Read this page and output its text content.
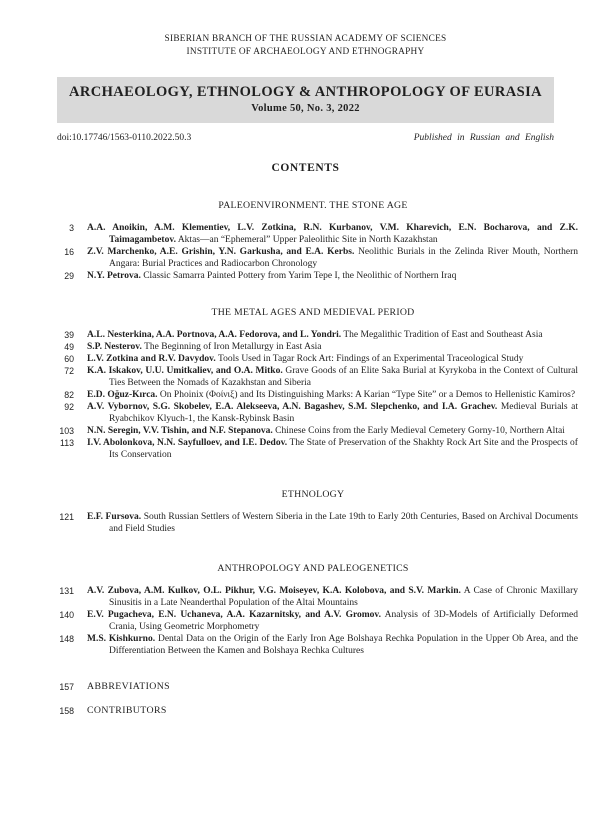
SIBERIAN BRANCH OF THE RUSSIAN ACADEMY OF SCIENCES
INSTITUTE OF ARCHAEOLOGY AND ETHNOGRAPHY
ARCHAEOLOGY, ETHNOLOGY & ANTHROPOLOGY OF EURASIA
Volume 50, No. 3, 2022
doi:10.17746/1563-0110.2022.50.3	Published in Russian and English
CONTENTS
PALEOENVIRONMENT. THE STONE AGE
3 A.A. Anoikin, A.M. Klementiev, L.V. Zotkina, R.N. Kurbanov, V.M. Kharevich, E.N. Bocharova, and Z.K. Taimagambetov. Aktas—an “Ephemeral” Upper Paleolithic Site in North Kazakhstan

16 Z.V. Marchenko, A.E. Grishin, Y.N. Garkusha, and E.A. Kerbs. Neolithic Burials in the Zelinda River Mouth, Northern Angara: Burial Practices and Radiocarbon Chronology

29 N.Y. Petrova. Classic Samarra Painted Pottery from Yarim Tepe I, the Neolithic of Northern Iraq

THE METAL AGES AND MEDIEVAL PERIOD
39 A.L. Nesterkina, A.A. Portnova, A.A. Fedorova, and L. Yondri. The Megalithic Tradition of East and Southeast Asia

49 S.P. Nesterov. The Beginning of Iron Metallurgy in East Asia

60 L.V. Zotkina and R.V. Davydov. Tools Used in Tagar Rock Art: Findings of an Experimental Traceological Study

72 K.A. Iskakov, U.U. Umitkaliev, and O.A. Mitko. Grave Goods of an Elite Saka Burial at Kyrykoba in the Context of Cultural Ties Between the Nomads of Kazakhstan and Siberia

82 E.D. Oğuz-Kırca. On Phoinix (Φοίνιξ) and Its Distinguishing Marks: A Karian “Type Site” or a Demos to Hellenistic Kamiros?

92 A.V. Vybornov, S.G. Skobelev, E.A. Alekseeva, A.N. Bagashev, S.M. Slepchenko, and I.A. Grachev. Medieval Burials at Ryabchikov Klyuch-1, the Kansk-Rybinsk Basin

103 N.N. Seregin, V.V. Tishin, and N.F. Stepanova. Chinese Coins from the Early Medieval Cemetery Gorny-10, Northern Altai

113 I.V. Abolonkova, N.N. Sayfulloev, and I.E. Dedov. The State of Preservation of the Shakhty Rock Art Site and the Prospects of Its Conservation

ETHNOLOGY
121 E.F. Fursova. South Russian Settlers of Western Siberia in the Late 19th to Early 20th Centuries, Based on Archival Documents and Field Studies

ANTHROPOLOGY AND PALEOGENETICS
131 A.V. Zubova, A.M. Kulkov, O.L. Pikhur, V.G. Moiseyev, K.A. Kolobova, and S.V. Markin. A Case of Chronic Maxillary Sinusitis in a Late Neanderthal Population of the Altai Mountains

140 E.V. Pugacheva, E.N. Uchaneva, A.A. Kazarnitsky, and A.V. Gromov. Analysis of 3D-Models of Artificially Deformed Crania, Using Geometric Morphometry

148 M.S. Kishkurno. Dental Data on the Origin of the Early Iron Age Bolshaya Rechka Population in the Upper Ob Area, and the Differentiation Between the Kamen and Bolshaya Rechka Cultures

157 ABBREVIATIONS
158 CONTRIBUTORS
